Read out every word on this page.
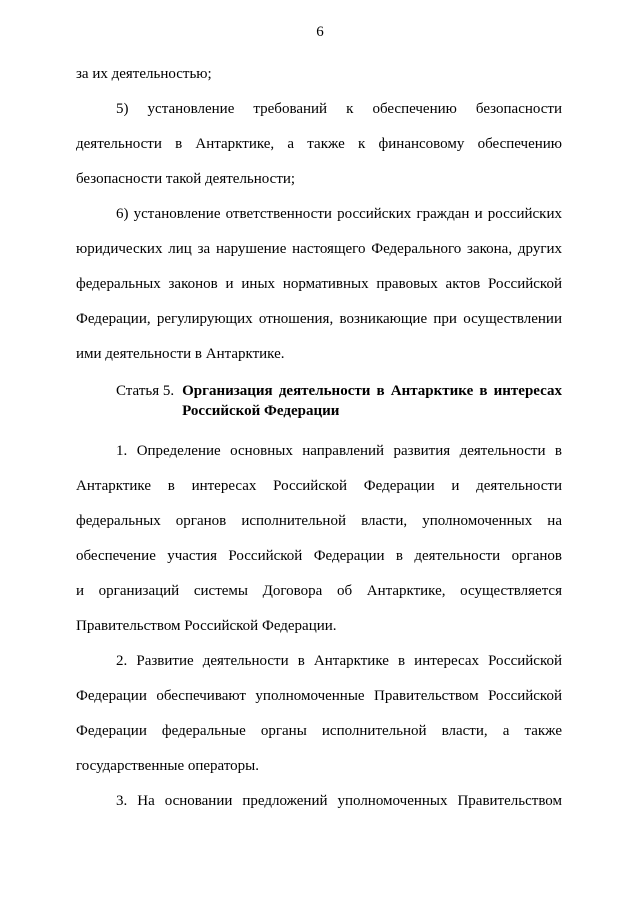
6

за их деятельностью;

5) установление требований к обеспечению безопасности
деятельности в Антарктике, а также к финансовому обеспечению
безопасности такой деятельности;

6) установление ответственности российских граждан и российских
юридических лиц за нарушение настоящего Федерального закона, других
федеральных законов и иных нормативных правовых актов Российской
Федерации, регулирующих отношения, возникающие при осуществлении
ими деятельности в Антарктике.

Статья 5. Организация деятельности в Антарктике в интересах
Российской Федерации

1. Определение основных направлений развития деятельности в
Антарктике в интересах Российской Федерации и деятельности
федеральных органов исполнительной власти, уполномоченных на
обеспечение участия Российской Федерации в деятельности органов
и организаций системы Договора об Антарктике, осуществляется
Правительством Российской Федерации.

2. Развитие деятельности в Антарктике в интересах Российской
Федерации обеспечивают уполномоченные Правительством Российской
Федерации федеральные органы исполнительной власти, а также
государственные операторы.

3. На основании предложений уполномоченных Правительством
